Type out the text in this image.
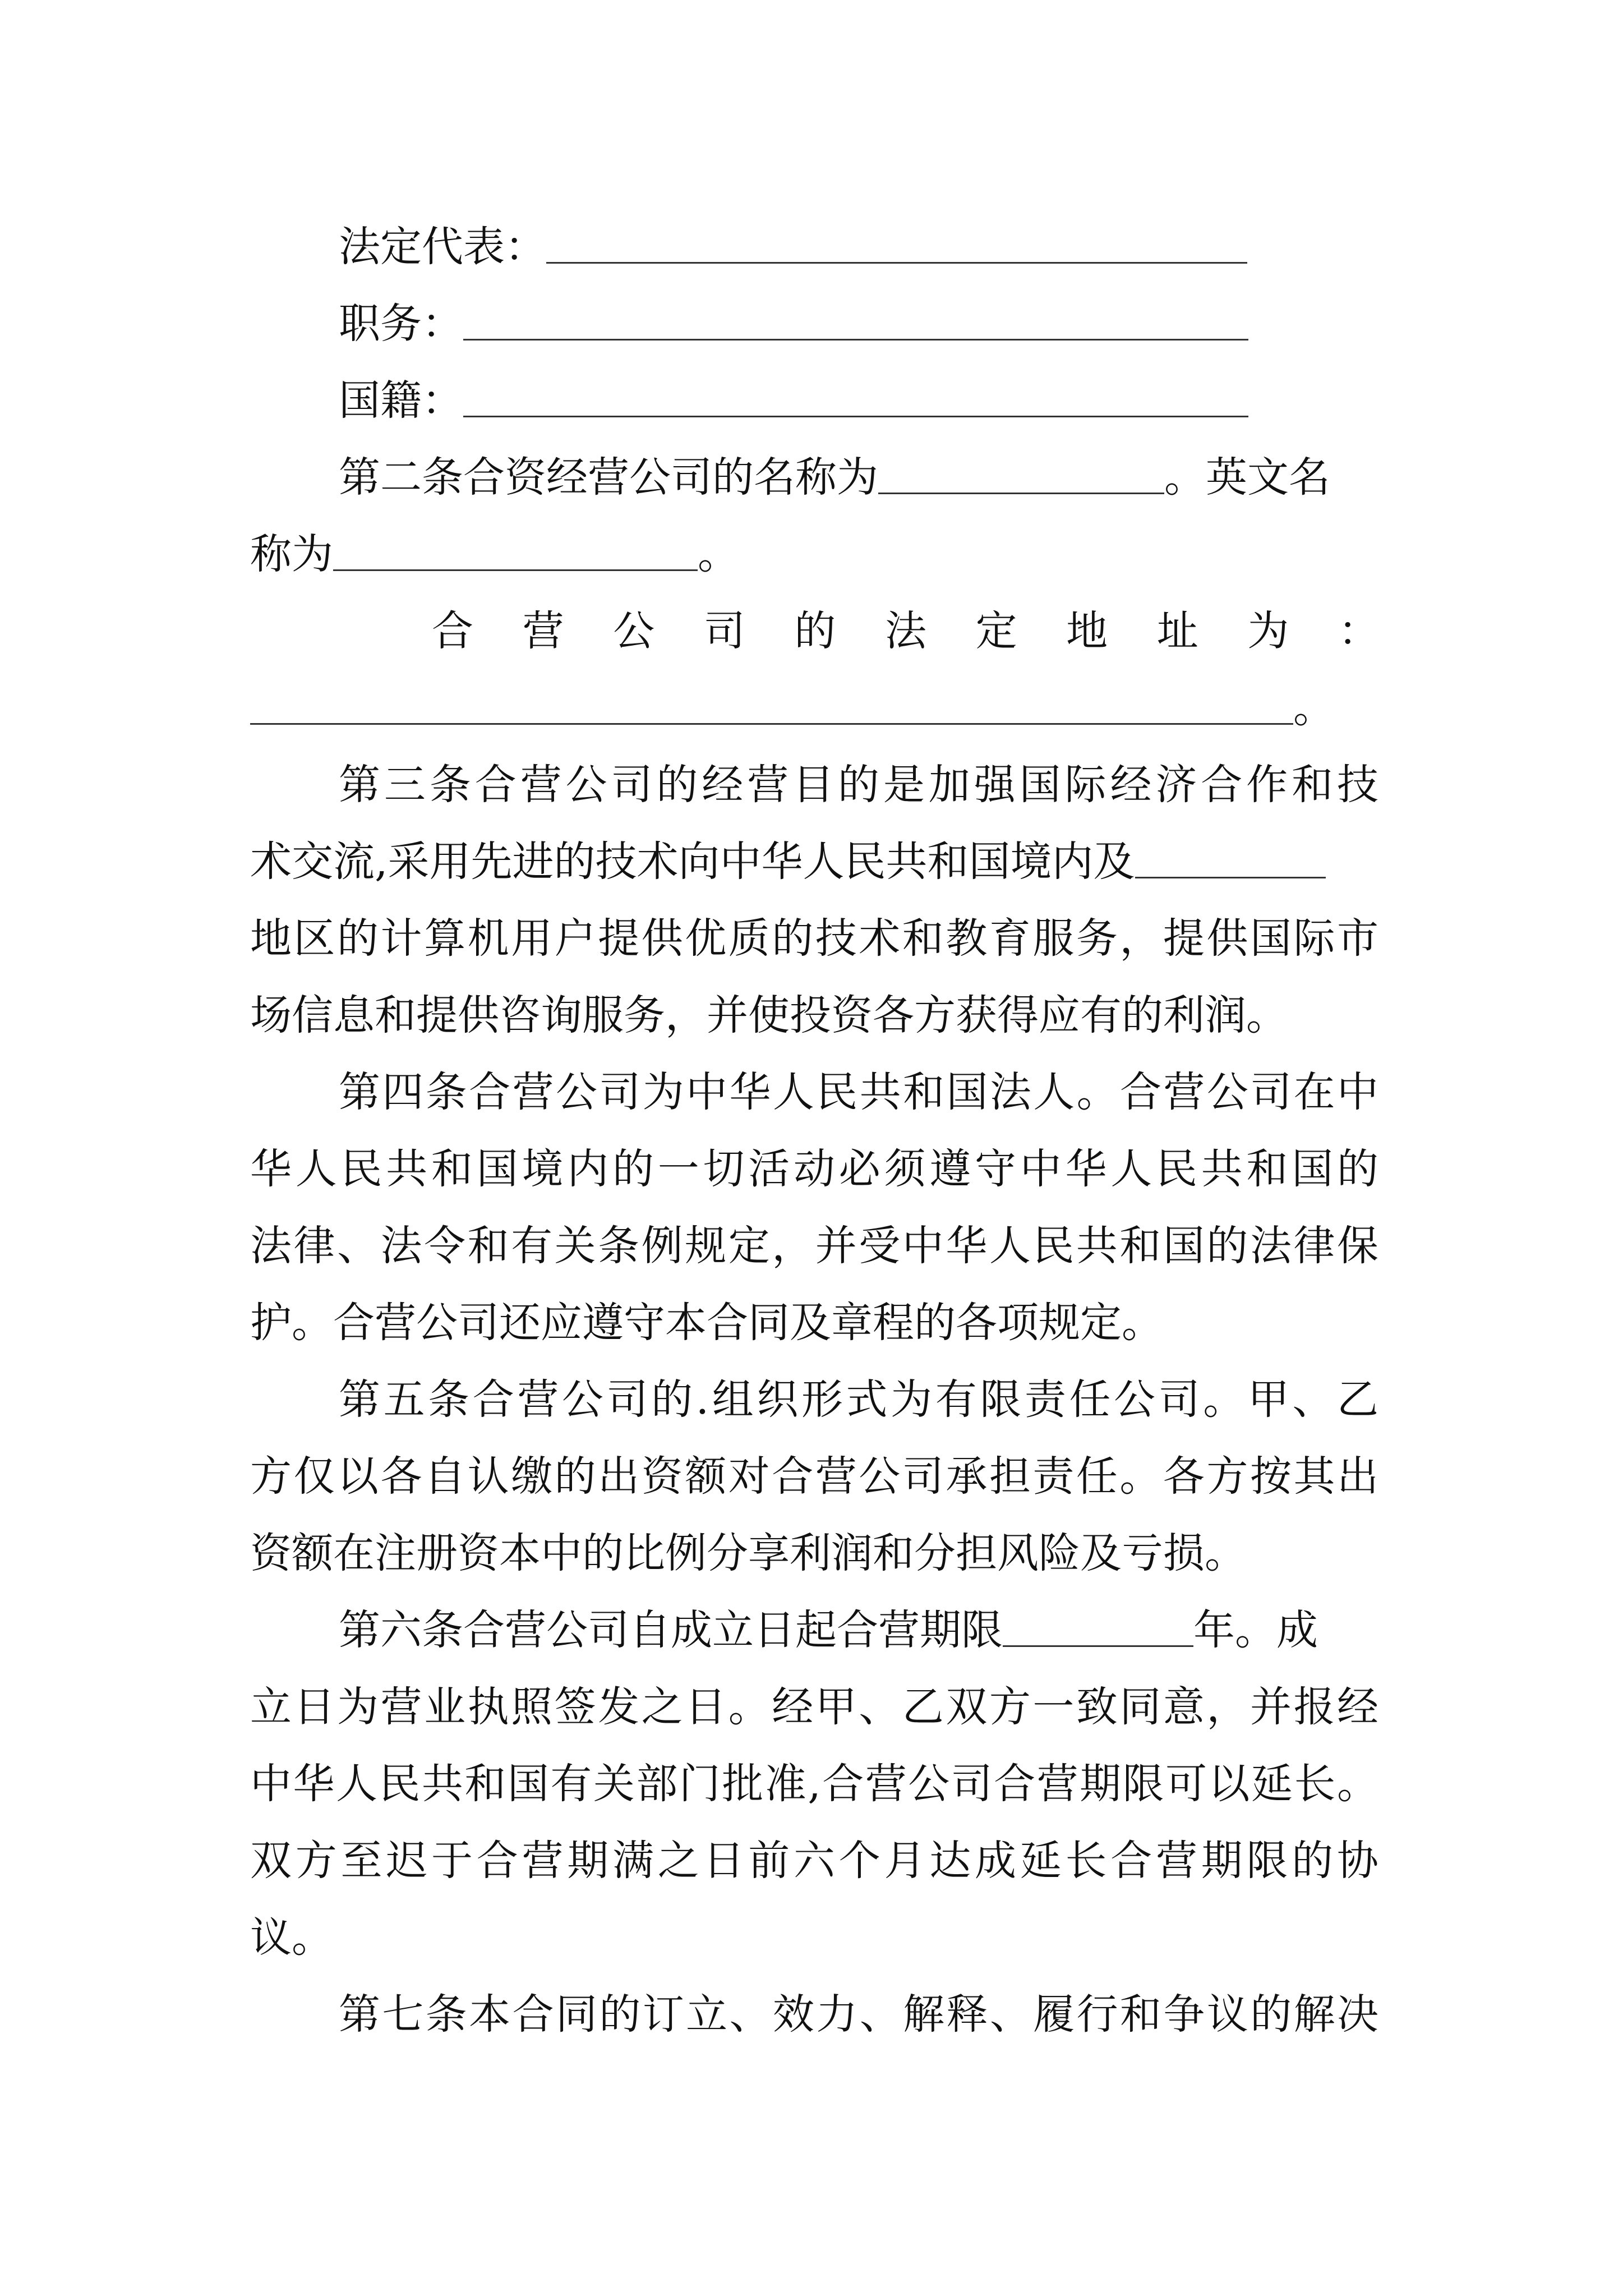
法定代表：
职务：
国籍：
第二条合资经营公司的名称为	。英文名
称为	。
合 营 公 司 的 法 定 地 址 为 ：
。
第三条合营公司的经营目的是加强国际经济合作和技
术交流,采用先进的技术向中华人民共和国境内及
地区的计算机用户提供优质的技术和教育服务，提供国际市
场信息和提供咨询服务，并使投资各方获得应有的利润。
第四条合营公司为中华人民共和国法人。合营公司在中
华人民共和国境内的一切活动必须遵守中华人民共和国的
法律、法令和有关条例规定，并受中华人民共和国的法律保
护。合营公司还应遵守本合同及章程的各项规定。
第五条合营公司的.组织形式为有限责任公司。甲、乙
方仅以各自认缴的出资额对合营公司承担责任。各方按其出
资额在注册资本中的比例分享利润和分担风险及亏损。
第六条合营公司自成立日起合营期限	年。成
立日为营业执照签发之日。经甲、乙双方一致同意，并报经
中华人民共和国有关部门批准,合营公司合营期限可以延长。
双方至迟于合营期满之日前六个月达成延长合营期限的协
议。
第七条本合同的订立、效力、解释、履行和争议的解决
